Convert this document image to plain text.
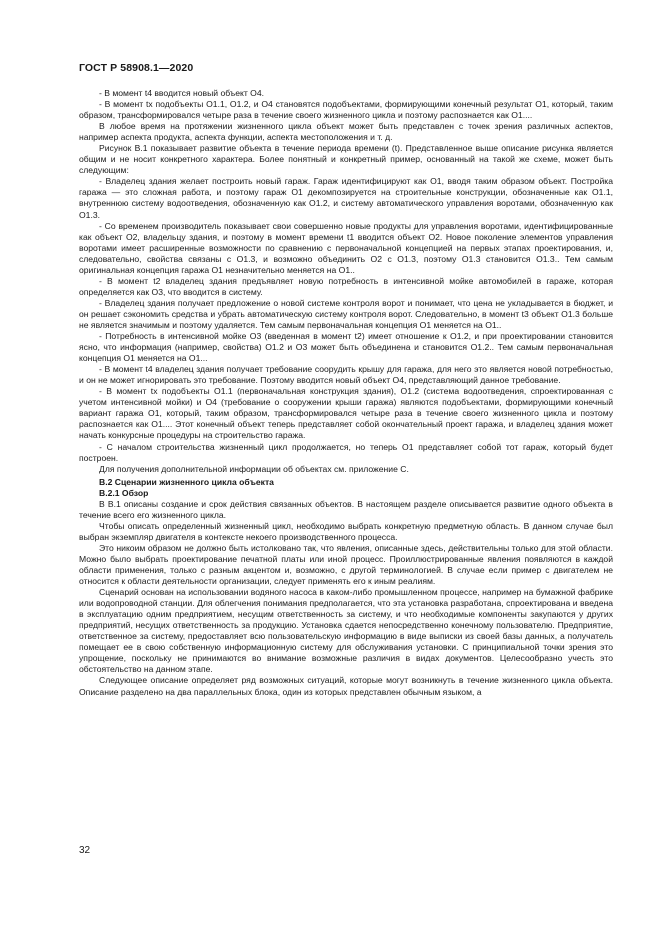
ГОСТ Р 58908.1—2020

- В момент t4 вводится новый объект O4.

- В момент tx подобъекты O1.1, O1.2, и O4 становятся подобъектами, формирующими конечный результат O1, который, таким образом, трансформировался четыре раза в течение своего жизненного цикла и поэтому распознается как O1....

В любое время на протяжении жизненного цикла объект может быть представлен с точек зрения различных аспектов, например аспекта продукта, аспекта функции, аспекта местоположения и т. д.

Рисунок В.1 показывает развитие объекта в течение периода времени (t). Представленное выше описание рисунка является общим и не носит конкретного характера. Более понятный и конкретный пример, основанный на такой же схеме, может быть следующим:

- Владелец здания желает построить новый гараж. Гараж идентифицируют как O1, вводя таким образом объект. Постройка гаража — это сложная работа, и поэтому гараж O1 декомпозируется на строительные конструкции, обозначенные как O1.1, внутреннюю систему водоотведения, обозначенную как O1.2, и систему автоматического управления воротами, обозначенную как O1.3.

- Со временем производитель показывает свои совершенно новые продукты для управления воротами, идентифицированные как объект O2, владельцу здания, и поэтому в момент времени t1 вводится объект O2. Новое поколение элементов управления воротами имеет расширенные возможности по сравнению с первоначальной концепцией на первых этапах проектирования, и, следовательно, свойства связаны с O1.3, и возможно объединить O2 с O1.3, поэтому O1.3 становится O1.3.. Тем самым оригинальная концепция гаража O1 незначительно меняется на O1..

- В момент t2 владелец здания предъявляет новую потребность в интенсивной мойке автомобилей в гараже, которая определяется как O3, что вводится в систему.

- Владелец здания получает предложение о новой системе контроля ворот и понимает, что цена не укладывается в бюджет, и он решает сэкономить средства и убрать автоматическую систему контроля ворот. Следовательно, в момент t3 объект O1.3 больше не является значимым и поэтому удаляется. Тем самым первоначальная концепция O1 меняется на O1..

- Потребность в интенсивной мойке O3 (введенная в момент t2) имеет отношение к O1.2, и при проектировании становится ясно, что информация (например, свойства) O1.2 и O3 может быть объединена и становится O1.2.. Тем самым первоначальная концепция O1 меняется на O1...

- В момент t4 владелец здания получает требование соорудить крышу для гаража, для него это является новой потребностью, и он не может игнорировать это требование. Поэтому вводится новый объект O4, представляющий данное требование.

- В момент tx подобъекты O1.1 (первоначальная конструкция здания), O1.2 (система водоотведения, спроектированная с учетом интенсивной мойки) и O4 (требование о сооружении крыши гаража) являются подобъектами, формирующими конечный вариант гаража O1, который, таким образом, трансформировался четыре раза в течение своего жизненного цикла и поэтому распознается как O1.... Этот конечный объект теперь представляет собой окончательный проект гаража, и владелец здания может начать конкурсные процедуры на строительство гаража.

- С началом строительства жизненный цикл продолжается, но теперь O1 представляет собой тот гараж, который будет построен.

Для получения дополнительной информации об объектах см. приложение С.

В.2 Сценарии жизненного цикла объекта
В.2.1 Обзор

В В.1 описаны создание и срок действия связанных объектов. В настоящем разделе описывается развитие одного объекта в течение всего его жизненного цикла.

Чтобы описать определенный жизненный цикл, необходимо выбрать конкретную предметную область. В данном случае был выбран экземпляр двигателя в контексте некоего производственного процесса.

Это никоим образом не должно быть истолковано так, что явления, описанные здесь, действительны только для этой области. Можно было выбрать проектирование печатной платы или иной процесс. Проиллюстрированные явления появляются в каждой области применения, только с разным акцентом и, возможно, с другой терминологией. В случае если пример с двигателем не относится к области деятельности организации, следует применять его к иным реалиям.

Сценарий основан на использовании водяного насоса в каком-либо промышленном процессе, например на бумажной фабрике или водопроводной станции. Для облегчения понимания предполагается, что эта установка разработана, спроектирована и введена в эксплуатацию одним предприятием, несущим ответственность за систему, и что необходимые компоненты закупаются у других предприятий, несущих ответственность за продукцию. Установка сдается непосредственно конечному пользователю. Предприятие, ответственное за систему, предоставляет всю пользовательскую информацию в виде выписки из своей базы данных, а получатель помещает ее в свою собственную информационную систему для обслуживания установки. С принципиальной точки зрения это упрощение, поскольку не принимаются во внимание возможные различия в видах документов. Целесообразно учесть это обстоятельство на данном этапе.

Следующее описание определяет ряд возможных ситуаций, которые могут возникнуть в течение жизненного цикла объекта. Описание разделено на два параллельных блока, один из которых представлен обычным языком, а

32
